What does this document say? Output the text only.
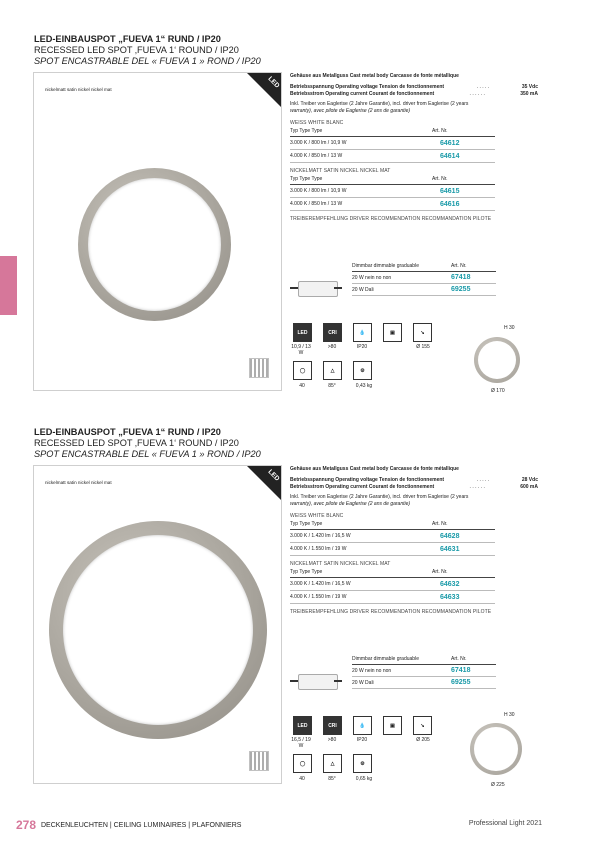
LED-EINBAUSPOT „FUEVA 1“ RUND / IP20
RECESSED LED SPOT ‚FUEVA 1‘ ROUND / IP20
SPOT ENCASTRABLE DEL « FUEVA 1 » ROND / IP20
nickelmatt satin nickel nickel mat	LED Gehäuse aus Metallguss Cast metal body Carcasse de fonte métallique
Betriebsspannung Operating voltage Tension de fonctionnement	. . . . .	35 Vdc
Betriebsstrom Operating current Courant de fonctionnement	. . . . . .	350 mA
Inkl. Treiber von Eaglerise (2 Jahre Garantie), incl. driver from Eaglerise (2 years
warranty), avec pilote de Eaglerise (2 ans de garantie)
WEISS WHITE BLANC
Typ Type Type	Art. Nr.
3.000 K / 800 lm / 10,9 W	64612
4.000 K / 850 lm / 13 W	64614
NICKELMATT SATIN NICKEL NICKEL MAT
Typ Type Type	Art. Nr.
3.000 K / 800 lm / 10,9 W	64615
4.000 K / 850 lm / 13 W	64616
TREIBEREMPFEHLUNG DRIVER RECOMMENDATION RECOMMANDATION PILOTE
Dimmbar dimmable graduable	Art. Nr.
20 W nein no non	67418
20 W Dali	69255
LED	CRI	💧	▣	↘
10,9 / 13 W
>80	IP20	Ø 155
◯	△	⚙
40	85°	0,43 kg
H 30
Ø 170
LED-EINBAUSPOT „FUEVA 1“ RUND / IP20
RECESSED LED SPOT ‚FUEVA 1‘ ROUND / IP20
SPOT ENCASTRABLE DEL « FUEVA 1 » ROND / IP20
nickelmatt satin nickel nickel mat	LED Gehäuse aus Metallguss Cast metal body Carcasse de fonte métallique
Betriebsspannung Operating voltage Tension de fonctionnement	. . . . .	28 Vdc
Betriebsstrom Operating current Courant de fonctionnement	. . . . . .	600 mA
Inkl. Treiber von Eaglerise (2 Jahre Garantie), incl. driver from Eaglerise (2 years
warranty), avec pilote de Eaglerise (2 ans de garantie)
WEISS WHITE BLANC
Typ Type Type	Art. Nr.
3.000 K / 1.420 lm / 16,5 W	64628
4.000 K / 1.550 lm / 19 W	64631
NICKELMATT SATIN NICKEL NICKEL MAT
Typ Type Type	Art. Nr.
3.000 K / 1.420 lm / 16,5 W	64632
4.000 K / 1.550 lm / 19 W	64633
TREIBEREMPFEHLUNG DRIVER RECOMMENDATION RECOMMANDATION PILOTE
Dimmbar dimmable graduable	Art. Nr.
20 W nein no non	67418
20 W Dali	69255
LED	CRI	💧	▣	↘
16,5 / 19 W
>80	IP20	Ø 205
◯	△	⚙
40	85°	0,65 kg
H 30
Ø 225
278 DECKENLEUCHTEN | CEILING LUMINAIRES | PLAFONNIERS	Professional Light 2021
